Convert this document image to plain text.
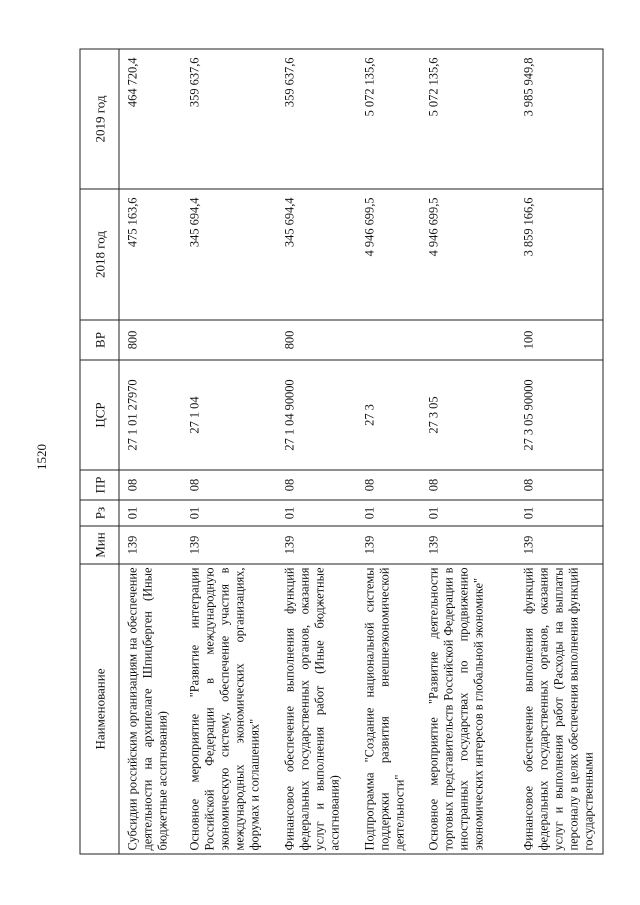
1520
Наименование	Мин	Рз	ПР	ЦСР	ВР	2018 год	2019 год
Субсидии российским организациям на обеспечение деятельности на архипелаге Шпицберген (Иные бюджетные ассигнования)	139	01	08	27 1 01 27970	800	475 163,6	464 720,4
Основное мероприятие "Развитие интеграции Российской Федерации в международную экономическую систему, обеспечение участия в международных экономических организациях, форумах и соглашениях"	139	01	08	27 1 04		345 694,4	359 637,6
Финансовое обеспечение выполнения функций федеральных государственных органов, оказания услуг и выполнения работ (Иные бюджетные ассигнования)	139	01	08	27 1 04 90000	800	345 694,4	359 637,6
Подпрограмма "Создание национальной системы поддержки развития внешнеэкономической деятельности"	139	01	08	27 3		4 946 699,5	5 072 135,6
Основное мероприятие "Развитие деятельности торговых представительств Российской Федерации в иностранных государствах по продвижению экономических интересов в глобальной экономике"	139	01	08	27 3 05		4 946 699,5	5 072 135,6
Финансовое обеспечение выполнения функций федеральных государственных органов, оказания услуг и выполнения работ (Расходы на выплаты персоналу в целях обеспечения выполнения функций государственными	139	01	08	27 3 05 90000	100	3 859 166,6	3 985 949,8
